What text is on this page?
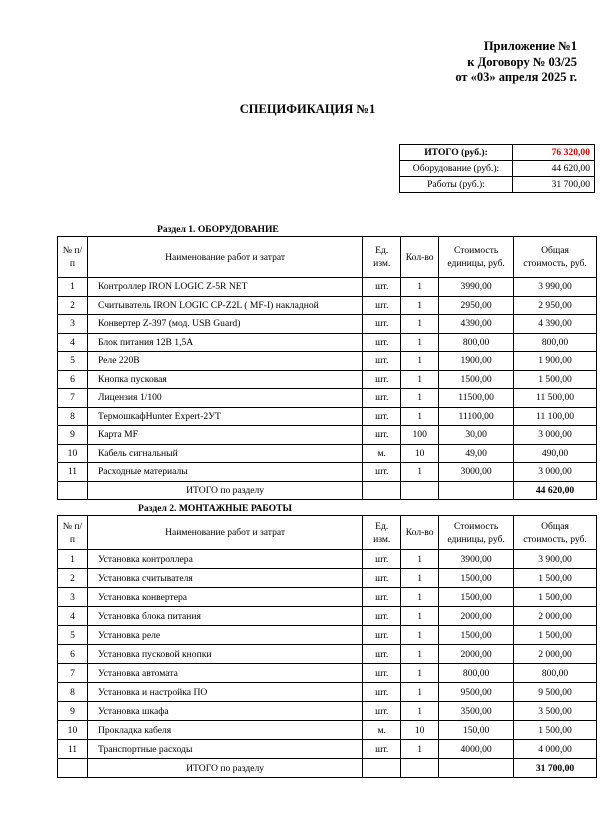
Приложение №1
к Договору № 03/25
от «03» апреля 2025 г.
СПЕЦИФИКАЦИЯ №1
ИТОГО (руб.):	76 320,00
Оборудование (руб.):	44 620,00
Работы (руб.):	31 700,00
Раздел 1. ОБОРУДОВАНИЕ
№ п/п	Наименование работ и затрат	Ед. изм.	Кол-во	Стоимость единицы, руб.	Общая стоимость, руб.
1	Контроллер IRON LOGIC Z-5R NET	шт.	1	3990,00	3 990,00
2	Считыватель IRON LOGIC CP-Z2L ( MF-I) накладной	шт.	1	2950,00	2 950,00
3	Конвертер Z-397 (мод. USB Guard)	шт.	1	4390,00	4 390,00
4	Блок питания 12В 1,5А	шт.	1	800,00	800,00
5	Реле 220В	шт.	1	1900,00	1 900,00
6	Кнопка пусковая	шт.	1	1500,00	1 500,00
7	Лицензия 1/100	шт.	1	11500,00	11 500,00
8	ТермошкафHunter Expert-2УТ	шт.	1	11100,00	11 100,00
9	Карта MF	шт.	100	30,00	3 000,00
10	Кабель сигнальный	м.	10	49,00	490,00
11	Расходные материалы	шт.	1	3000,00	3 000,00
	ИТОГО по разделу				44 620,00
Раздел 2. МОНТАЖНЫЕ РАБОТЫ
№ п/п	Наименование работ и затрат	Ед. изм.	Кол-во	Стоимость единицы, руб.	Общая стоимость, руб.
1	Установка контроллера	шт.	1	3900,00	3 900,00
2	Установка считывателя	шт.	1	1500,00	1 500,00
3	Установка конвертера	шт.	1	1500,00	1 500,00
4	Установка блока питания	шт.	1	2000,00	2 000,00
5	Установка реле	шт.	1	1500,00	1 500,00
6	Установка пусковой кнопки	шт.	1	2000,00	2 000,00
7	Установка автомата	шт.	1	800,00	800,00
8	Установка и настройка ПО	шт.	1	9500,00	9 500,00
9	Установка шкафа	шт.	1	3500,00	3 500,00
10	Прокладка кабеля	м.	10	150,00	1 500,00
11	Транспортные расходы	шт.	1	4000,00	4 000,00
	ИТОГО по разделу				31 700,00
